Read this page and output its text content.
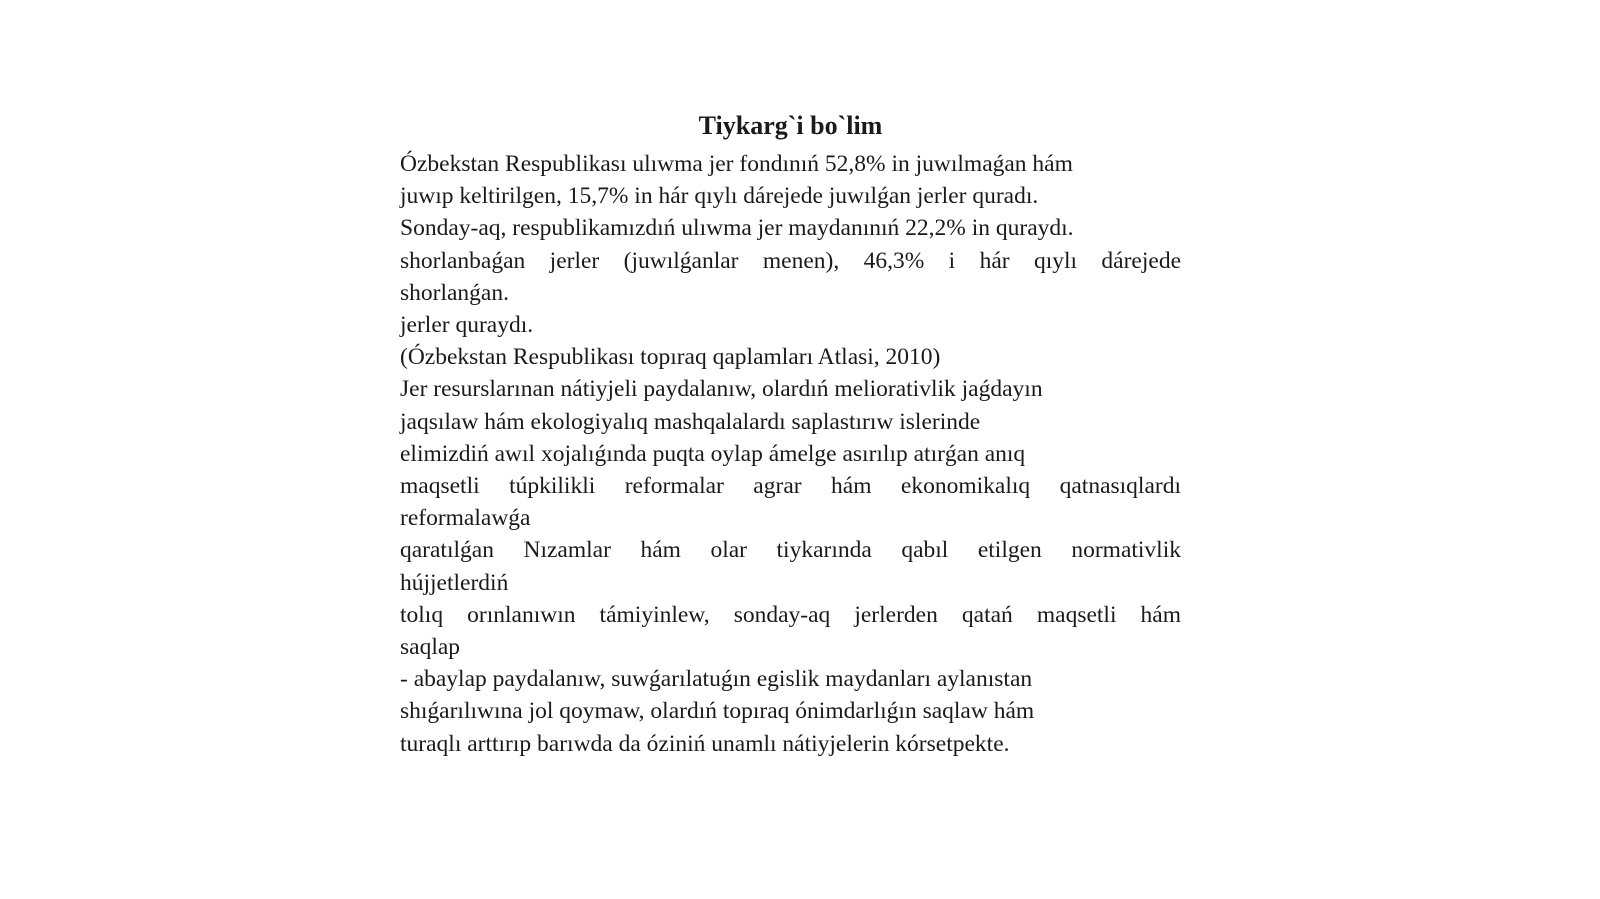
Tiykarg`i bo`lim
Ózbekstan Respublikası ulıwma jer fondınıń 52,8% in juwılmaǵan hám
juwıp keltirilgen, 15,7% in hár qıylı dárejede juwılǵan jerler quradı.
Sonday-aq, respublikamızdıń ulıwma jer maydanınıń 22,2% in quraydı.
shorlanbaǵan jerler (juwılǵanlar menen), 46,3% i hár qıylı dárejede
shorlanǵan.
jerler quraydı.
(Ózbekstan Respublikası topıraq qaplamları Atlasi, 2010)
Jer resurslarınan nátiyjeli paydalanıw, olardıń meliorativlik jaǵdayın
jaqsılaw hám ekologiyalıq mashqalalardı saplastırıw islerinde
elimizdiń awıl xojalıǵında puqta oylap ámelge asırılıp atırǵan anıq
maqsetli túpkilikli reformalar agrar hám ekonomikalıq qatnasıqlardı
reformalawǵa
qaratılǵan Nızamlar hám olar tiykarında qabıl etilgen normativlik
hújjetlerdiń
tolıq orınlanıwın támiyinlew, sonday-aq jerlerden qatań maqsetli hám
saqlap
- abaylap paydalanıw, suwǵarılatuǵın egislik maydanları aylanıstan
shıǵarılıwına jol qoymaw, olardıń topıraq ónimdarlıǵın saqlaw hám
turaqlı arttırıp barıwda da óziniń unamlı nátiyjelerin kórsetpekte.
